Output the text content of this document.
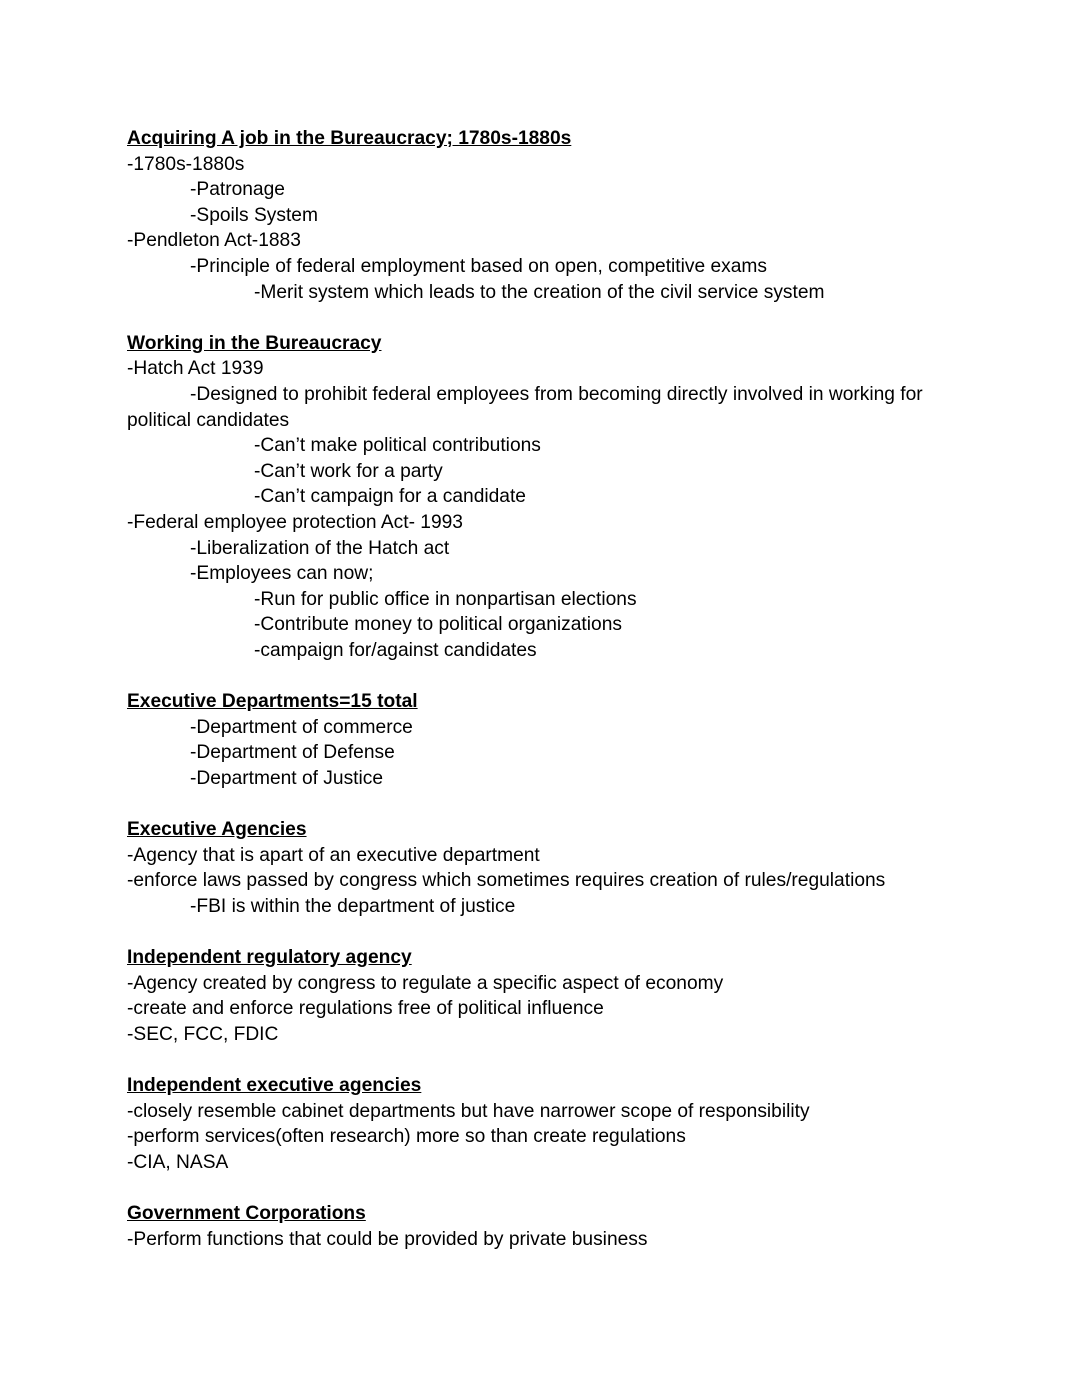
Acquiring A job in the Bureaucracy; 1780s-1880s

-1780s-1880s

-Patronage

-Spoils System

-Pendleton Act-1883

-Principle of federal employment based on open, competitive exams

-Merit system which leads to the creation of the civil service system

Working in the Bureaucracy

-Hatch Act 1939

-Designed to prohibit federal employees from becoming directly involved in working for political candidates

-Can’t make political contributions

-Can’t work for a party

-Can’t campaign for a candidate

-Federal employee protection Act- 1993

-Liberalization of the Hatch act

-Employees can now;

-Run for public office in nonpartisan elections

-Contribute money to political organizations

-campaign for/against candidates

Executive Departments=15 total

-Department of commerce

-Department of Defense

-Department of Justice

Executive Agencies

-Agency that is apart of an executive department

-enforce laws passed by congress which sometimes requires creation of rules/regulations

-FBI is within the department of justice

Independent regulatory agency

-Agency created by congress to regulate a specific aspect of economy

-create and enforce regulations free of political influence

-SEC, FCC, FDIC

Independent executive agencies

-closely resemble cabinet departments but have narrower scope of responsibility

-perform services(often research) more so than create regulations

-CIA, NASA

Government Corporations

-Perform functions that could be provided by private business
